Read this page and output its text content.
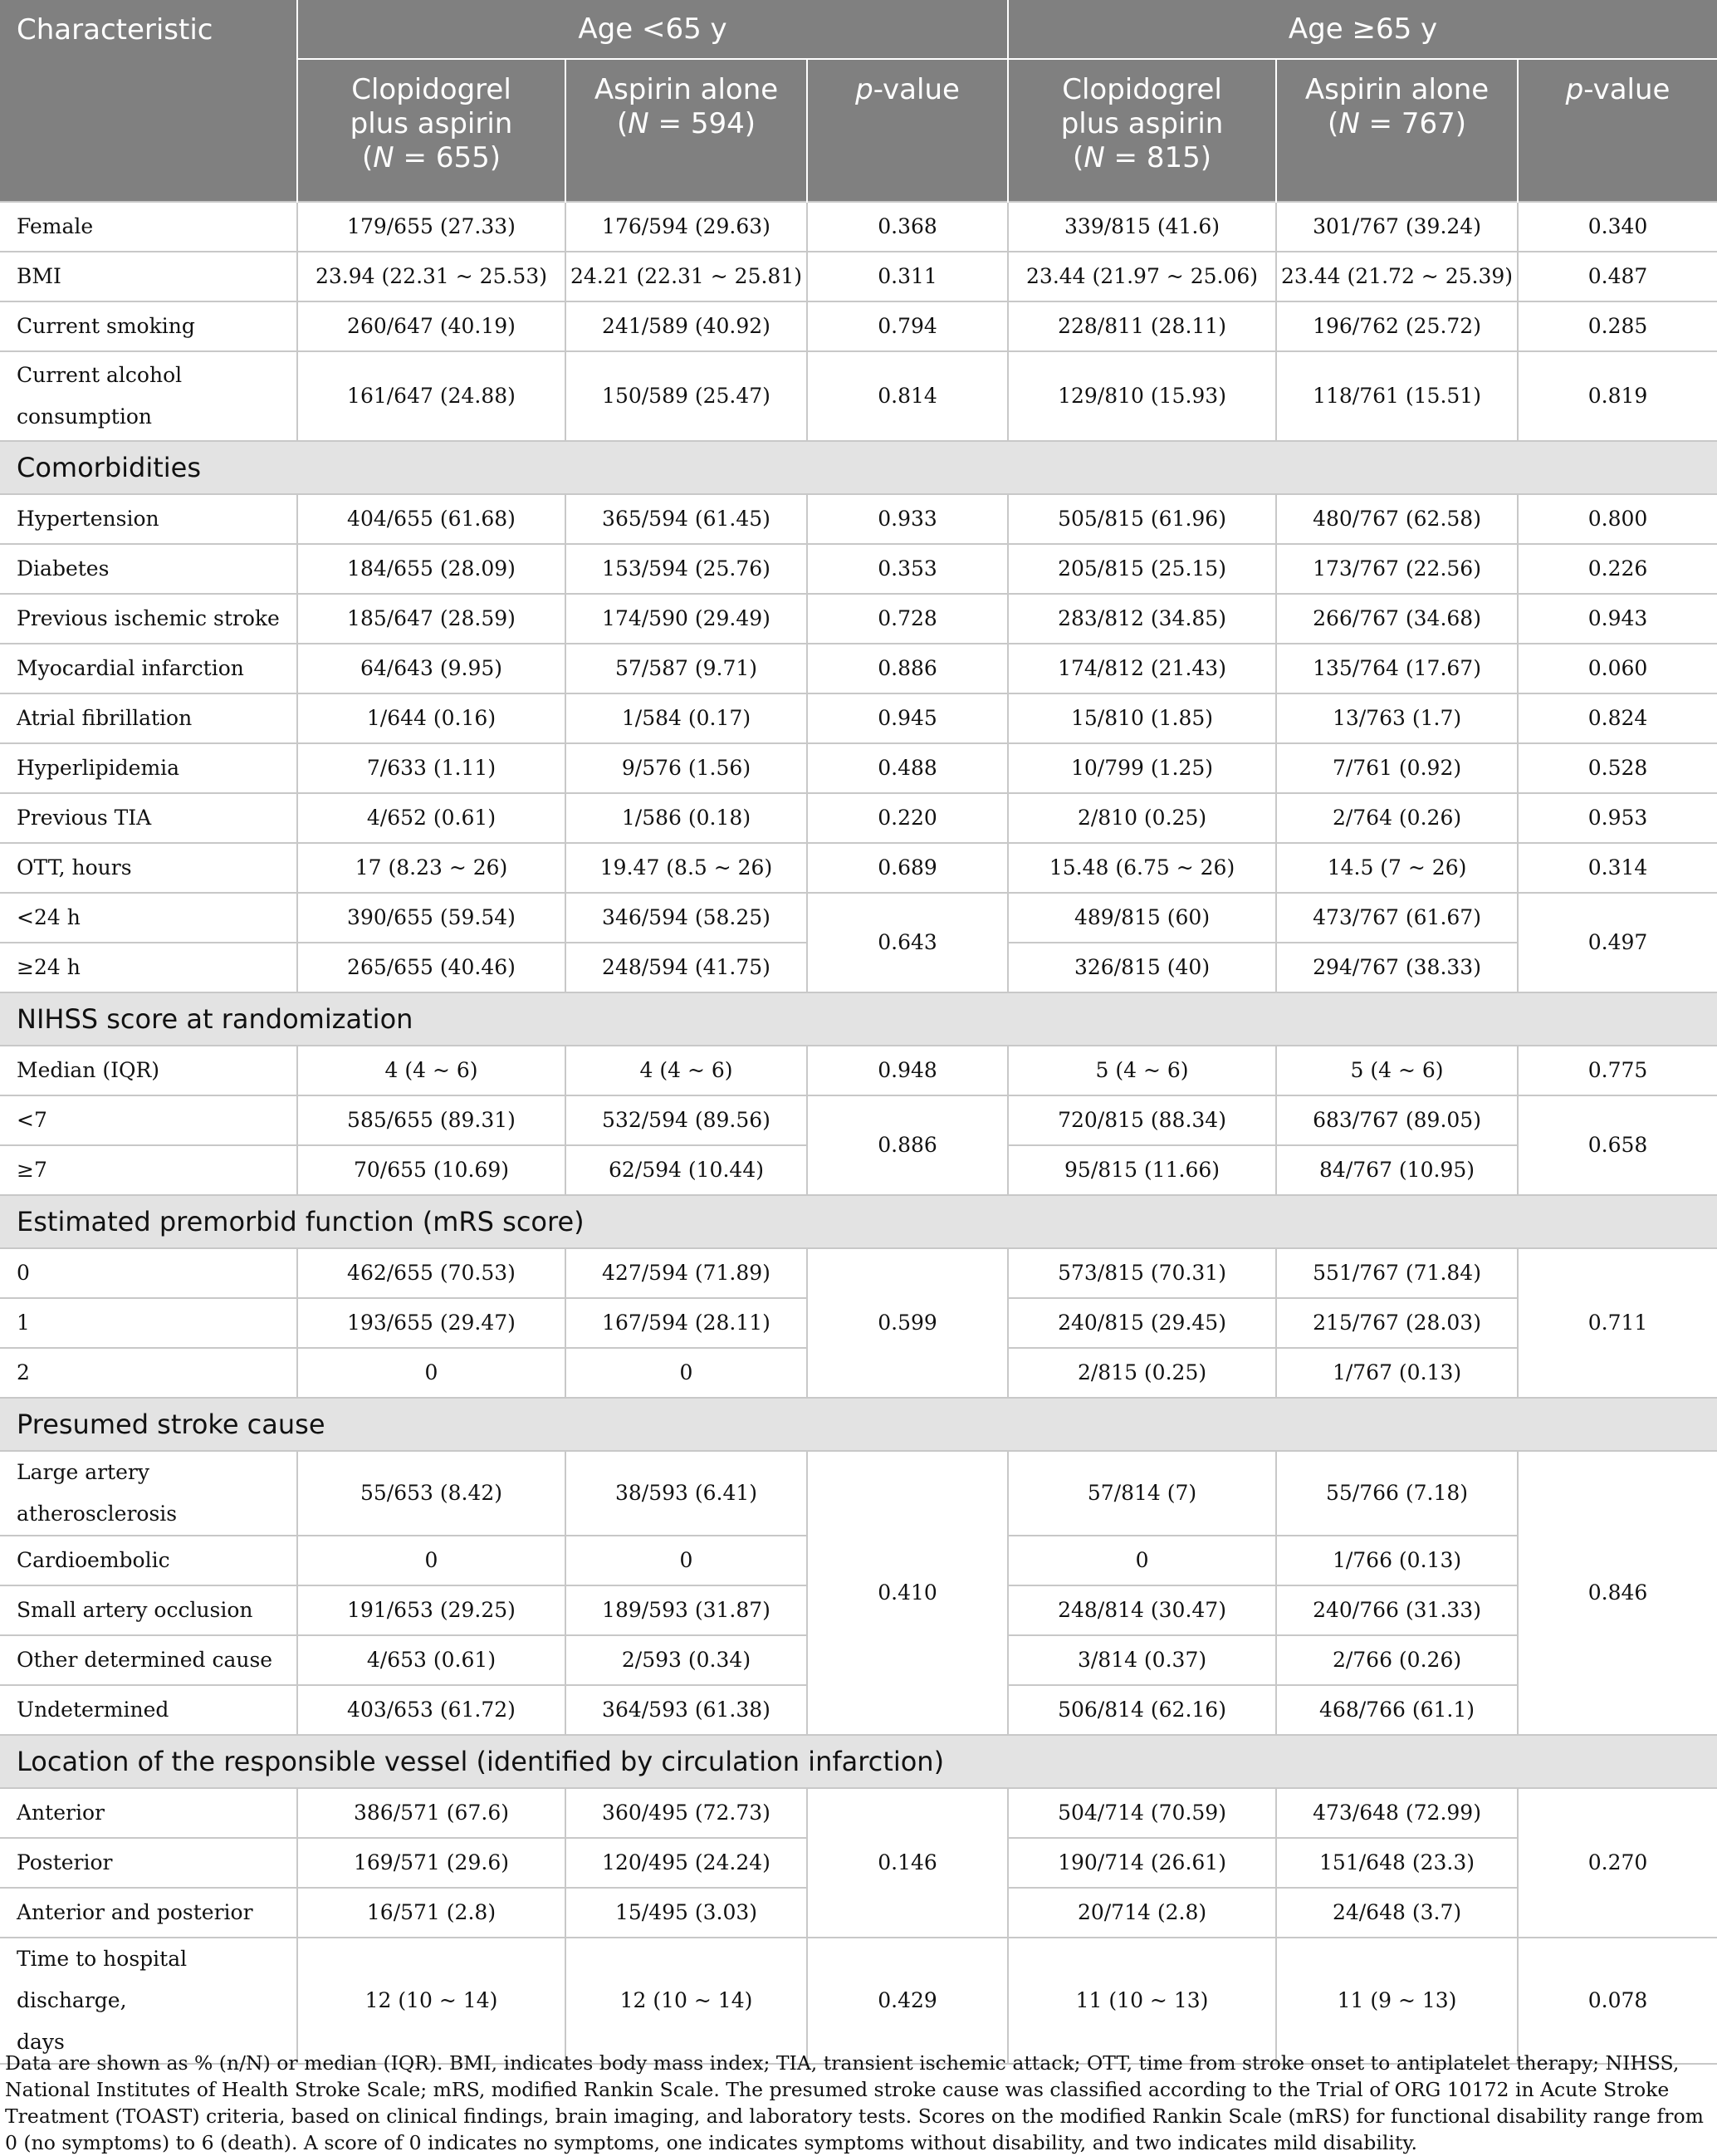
Characteristic	Age <65 y			Age ≥65 y		
	Clopidogrel
plus aspirin
(N = 655)	Aspirin alone
(N = 594)	p-value	Clopidogrel
plus aspirin
(N = 815)	Aspirin alone
(N = 767)	p-value
Female	179/655 (27.33)	176/594 (29.63)	0.368	339/815 (41.6)	301/767 (39.24)	0.340
BMI	23.94 (22.31 ~ 25.53)	24.21 (22.31 ~ 25.81)	0.311	23.44 (21.97 ~ 25.06)	23.44 (21.72 ~ 25.39)	0.487
Current smoking	260/647 (40.19)	241/589 (40.92)	0.794	228/811 (28.11)	196/762 (25.72)	0.285
Current alcohol
consumption	161/647 (24.88)	150/589 (25.47)	0.814	129/810 (15.93)	118/761 (15.51)	0.819
Comorbidities						
Hypertension	404/655 (61.68)	365/594 (61.45)	0.933	505/815 (61.96)	480/767 (62.58)	0.800
Diabetes	184/655 (28.09)	153/594 (25.76)	0.353	205/815 (25.15)	173/767 (22.56)	0.226
Previous ischemic stroke	185/647 (28.59)	174/590 (29.49)	0.728	283/812 (34.85)	266/767 (34.68)	0.943
Myocardial infarction	64/643 (9.95)	57/587 (9.71)	0.886	174/812 (21.43)	135/764 (17.67)	0.060
Atrial fibrillation	1/644 (0.16)	1/584 (0.17)	0.945	15/810 (1.85)	13/763 (1.7)	0.824
Hyperlipidemia	7/633 (1.11)	9/576 (1.56)	0.488	10/799 (1.25)	7/761 (0.92)	0.528
Previous TIA	4/652 (0.61)	1/586 (0.18)	0.220	2/810 (0.25)	2/764 (0.26)	0.953
OTT, hours	17 (8.23 ~ 26)	19.47 (8.5 ~ 26)	0.689	15.48 (6.75 ~ 26)	14.5 (7 ~ 26)	0.314
<24 h	390/655 (59.54)	346/594 (58.25)	0.643	489/815 (60)	473/767 (61.67)	0.497
≥24 h	265/655 (40.46)	248/594 (41.75)		326/815 (40)	294/767 (38.33)	
NIHSS score at randomization						
Median (IQR)	4 (4 ~ 6)	4 (4 ~ 6)	0.948	5 (4 ~ 6)	5 (4 ~ 6)	0.775
<7	585/655 (89.31)	532/594 (89.56)	0.886	720/815 (88.34)	683/767 (89.05)	0.658
≥7	70/655 (10.69)	62/594 (10.44)		95/815 (11.66)	84/767 (10.95)	
Estimated premorbid function (mRS score)						
0	462/655 (70.53)	427/594 (71.89)	0.599	573/815 (70.31)	551/767 (71.84)	0.711
1	193/655 (29.47)	167/594 (28.11)		240/815 (29.45)	215/767 (28.03)	
2	0	0		2/815 (0.25)	1/767 (0.13)	
Presumed stroke cause						
Large artery atherosclerosis	55/653 (8.42)	38/593 (6.41)	0.410	57/814 (7)	55/766 (7.18)	0.846
Cardioembolic	0	0		0	1/766 (0.13)	
Small artery occlusion	191/653 (29.25)	189/593 (31.87)		248/814 (30.47)	240/766 (31.33)	
Other determined cause	4/653 (0.61)	2/593 (0.34)		3/814 (0.37)	2/766 (0.26)	
Undetermined	403/653 (61.72)	364/593 (61.38)		506/814 (62.16)	468/766 (61.1)	
Location of the responsible vessel (identified by circulation infarction)						
Anterior	386/571 (67.6)	360/495 (72.73)	0.146	504/714 (70.59)	473/648 (72.99)	0.270
Posterior	169/571 (29.6)	120/495 (24.24)		190/714 (26.61)	151/648 (23.3)	
Anterior and posterior	16/571 (2.8)	15/495 (3.03)		20/714 (2.8)	24/648 (3.7)	
Time to hospital discharge,
days	12 (10 ~ 14)	12 (10 ~ 14)	0.429	11 (10 ~ 13)	11 (9 ~ 13)	0.078
Data are shown as % (n/N) or median (IQR). BMI, indicates body mass index; TIA, transient ischemic attack; OTT, time from stroke onset to antiplatelet therapy; NIHSS, National Institutes of Health Stroke Scale; mRS, modified Rankin Scale. The presumed stroke cause was classified according to the Trial of ORG 10172 in Acute Stroke Treatment (TOAST) criteria, based on clinical findings, brain imaging, and laboratory tests. Scores on the modified Rankin Scale (mRS) for functional disability range from 0 (no symptoms) to 6 (death). A score of 0 indicates no symptoms, one indicates symptoms without disability, and two indicates mild disability.
